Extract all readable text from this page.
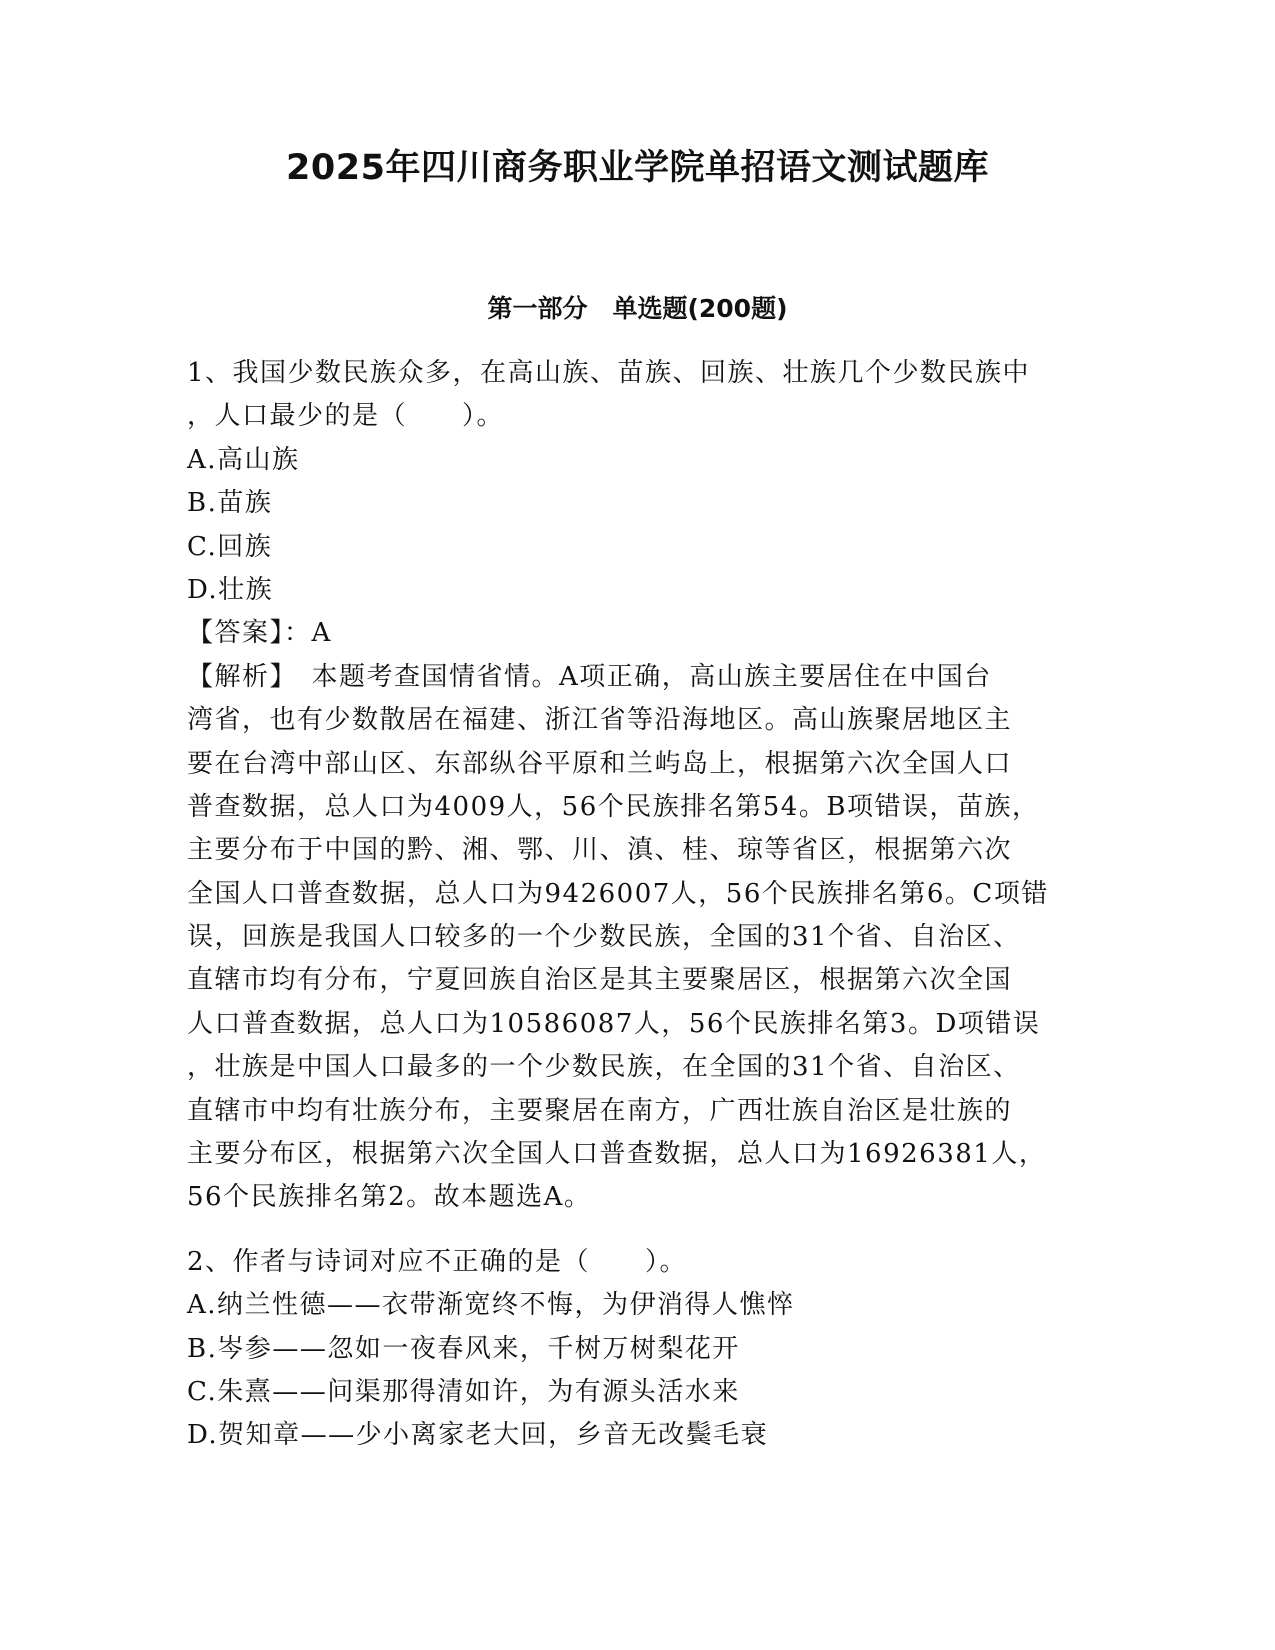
2025年四川商务职业学院单招语文测试题库
第一部分　单选题(200题)
1、我国少数民族众多，在高山族、苗族、回族、壮族几个少数民族中
，人口最少的是（　　）。
A.高山族
B.苗族
C.回族
D.壮族
【答案】：A
【解析】　本题考查国情省情。A项正确，高山族主要居住在中国台
湾省，也有少数散居在福建、浙江省等沿海地区。高山族聚居地区主
要在台湾中部山区、东部纵谷平原和兰屿岛上，根据第六次全国人口
普查数据，总人口为4009人，56个民族排名第54。B项错误，苗族，
主要分布于中国的黔、湘、鄂、川、滇、桂、琼等省区，根据第六次
全国人口普查数据，总人口为9426007人，56个民族排名第6。C项错
误，回族是我国人口较多的一个少数民族，全国的31个省、自治区、
直辖市均有分布，宁夏回族自治区是其主要聚居区，根据第六次全国
人口普查数据，总人口为10586087人，56个民族排名第3。D项错误
，壮族是中国人口最多的一个少数民族，在全国的31个省、自治区、
直辖市中均有壮族分布，主要聚居在南方，广西壮族自治区是壮族的
主要分布区，根据第六次全国人口普查数据，总人口为16926381人，
56个民族排名第2。故本题选A。
2、作者与诗词对应不正确的是（　　）。
A.纳兰性德——衣带渐宽终不悔，为伊消得人憔悴
B.岑参——忽如一夜春风来，千树万树梨花开
C.朱熹——问渠那得清如许，为有源头活水来
D.贺知章——少小离家老大回，乡音无改鬓毛衰
